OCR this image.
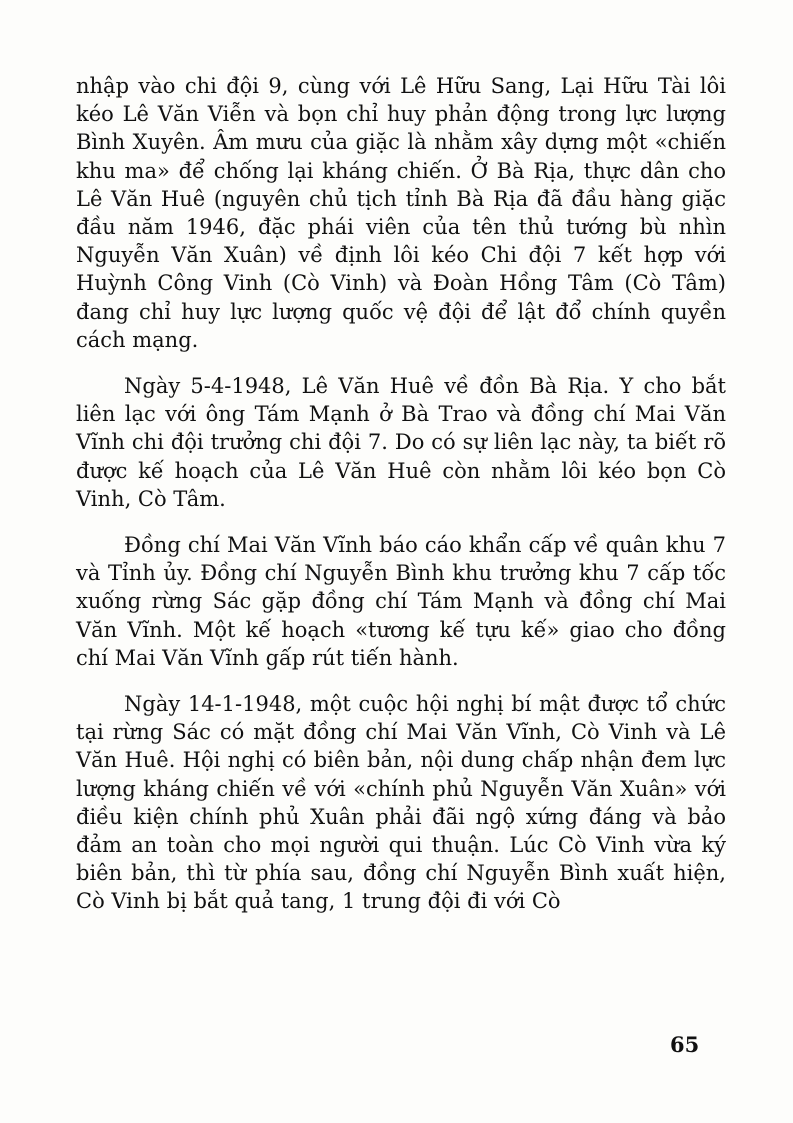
nhập vào chi đội 9, cùng với Lê Hữu Sang, Lại Hữu Tài lôi kéo Lê Văn Viễn và bọn chỉ huy phản động trong lực lượng Bình Xuyên. Âm mưu của giặc là nhằm xây dựng một «chiến khu ma» để chống lại kháng chiến. Ở Bà Rịa, thực dân cho Lê Văn Huê (nguyên chủ tịch tỉnh Bà Rịa đã đầu hàng giặc đầu năm 1946, đặc phái viên của tên thủ tướng bù nhìn Nguyễn Văn Xuân) về định lôi kéo Chi đội 7 kết hợp với Huỳnh Công Vinh (Cò Vinh) và Đoàn Hồng Tâm (Cò Tâm) đang chỉ huy lực lượng quốc vệ đội để lật đổ chính quyền cách mạng.

Ngày 5-4-1948, Lê Văn Huê về đồn Bà Rịa. Y cho bắt liên lạc với ông Tám Mạnh ở Bà Trao và đồng chí Mai Văn Vĩnh chi đội trưởng chi đội 7. Do có sự liên lạc này, ta biết rõ được kế hoạch của Lê Văn Huê còn nhằm lôi kéo bọn Cò Vinh, Cò Tâm.

Đồng chí Mai Văn Vĩnh báo cáo khẩn cấp về quân khu 7 và Tỉnh ủy. Đồng chí Nguyễn Bình khu trưởng khu 7 cấp tốc xuống rừng Sác gặp đồng chí Tám Mạnh và đồng chí Mai Văn Vĩnh. Một kế hoạch «tương kế tựu kế» giao cho đồng chí Mai Văn Vĩnh gấp rút tiến hành.

Ngày 14-1-1948, một cuộc hội nghị bí mật được tổ chức tại rừng Sác có mặt đồng chí Mai Văn Vĩnh, Cò Vinh và Lê Văn Huê. Hội nghị có biên bản, nội dung chấp nhận đem lực lượng kháng chiến về với «chính phủ Nguyễn Văn Xuân» với điều kiện chính phủ Xuân phải đãi ngộ xứng đáng và bảo đảm an toàn cho mọi người qui thuận. Lúc Cò Vinh vừa ký biên bản, thì từ phía sau, đồng chí Nguyễn Bình xuất hiện, Cò Vinh bị bắt quả tang, 1 trung đội đi với Cò

65
